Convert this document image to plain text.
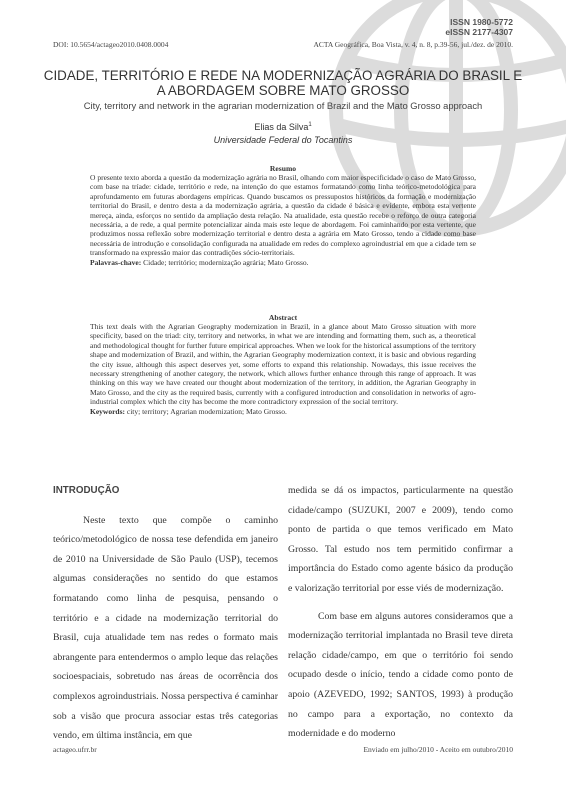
ISSN 1980-5772
eISSN 2177-4307
DOI: 10.5654/actageo2010.0408.0004	ACTA Geográfica, Boa Vista, v. 4, n. 8, p.39-56, jul./dez. de 2010.
CIDADE, TERRITÓRIO E REDE NA MODERNIZAÇÃO AGRÁRIA DO BRASIL E A ABORDAGEM SOBRE MATO GROSSO
City, territory and network in the agrarian modernization of Brazil and the Mato Grosso approach
Elias da Silva$^1$
Universidade Federal do Tocantins
Resumo

O presente texto aborda a questão da modernização agrária no Brasil, olhando com maior especificidade o caso de Mato Grosso, com base na tríade: cidade, território e rede, na intenção do que estamos formatando como linha teórico-metodológica para aprofundamento em futuras abordagens empíricas. Quando buscamos os pressupostos históricos da formação e modernização territorial do Brasil, e dentro desta a da modernização agrária, a questão da cidade é básica e evidente, embora esta vertente mereça, ainda, esforços no sentido da ampliação desta relação. Na atualidade, esta questão recebe o reforço de outra categoria necessária, a de rede, a qual permite potencializar ainda mais este leque de abordagem. Foi caminhando por esta vertente, que produzimos nossa reflexão sobre modernização territorial e dentro desta a agrária em Mato Grosso, tendo a cidade como base necessária de introdução e consolidação configurada na atualidade em redes do complexo agroindustrial em que a cidade tem se transformado na expressão maior das contradições sócio-territoriais.

Palavras-chave: Cidade; território; modernização agrária; Mato Grosso.

Abstract

This text deals with the Agrarian Geography modernization in Brazil, in a glance about Mato Grosso situation with more specificity, based on the triad: city, territory and networks, in what we are intending and formatting them, such as, a theoretical and methodological thought for further future empirical approaches. When we look for the historical assumptions of the territory shape and modernization of Brazil, and within, the Agrarian Geography modernization context, it is basic and obvious regarding the city issue, although this aspect deserves yet, some efforts to expand this relationship. Nowadays, this issue receives the necessary strengthening of another category, the network, which allows further enhance through this range of approach. It was thinking on this way we have created our thought about modernization of the territory, in addition, the Agrarian Geography in Mato Grosso, and the city as the required basis, currently with a configured introduction and consolidation in networks of agro-industrial complex which the city has become the more contradictory expression of the social territory.

Keywords: city; territory; Agrarian modernization; Mato Grosso.

INTRODUÇÃO

Neste texto que compõe o caminho teórico/metodológico de nossa tese defendida em janeiro de 2010 na Universidade de São Paulo (USP), tecemos algumas considerações no sentido do que estamos formatando como linha de pesquisa, pensando o território e a cidade na modernização territorial do Brasil, cuja atualidade tem nas redes o formato mais abrangente para entendermos o amplo leque das relações socioespaciais, sobretudo nas áreas de ocorrência dos complexos agroindustriais. Nossa perspectiva é caminhar sob a visão que procura associar estas três categorias vendo, em última instância, em que

medida se dá os impactos, particularmente na questão cidade/campo (SUZUKI, 2007 e 2009), tendo como ponto de partida o que temos verificado em Mato Grosso. Tal estudo nos tem permitido confirmar a importância do Estado como agente básico da produção e valorização territorial por esse viés de modernização.

Com base em alguns autores consideramos que a modernização territorial implantada no Brasil teve direta relação cidade/campo, em que o território foi sendo ocupado desde o início, tendo a cidade como ponto de apoio (AZEVEDO, 1992; SANTOS, 1993) à produção no campo para a exportação, no contexto da modernidade e do moderno

actageo.ufrr.br	Enviado em julho/2010 - Aceito em outubro/2010
